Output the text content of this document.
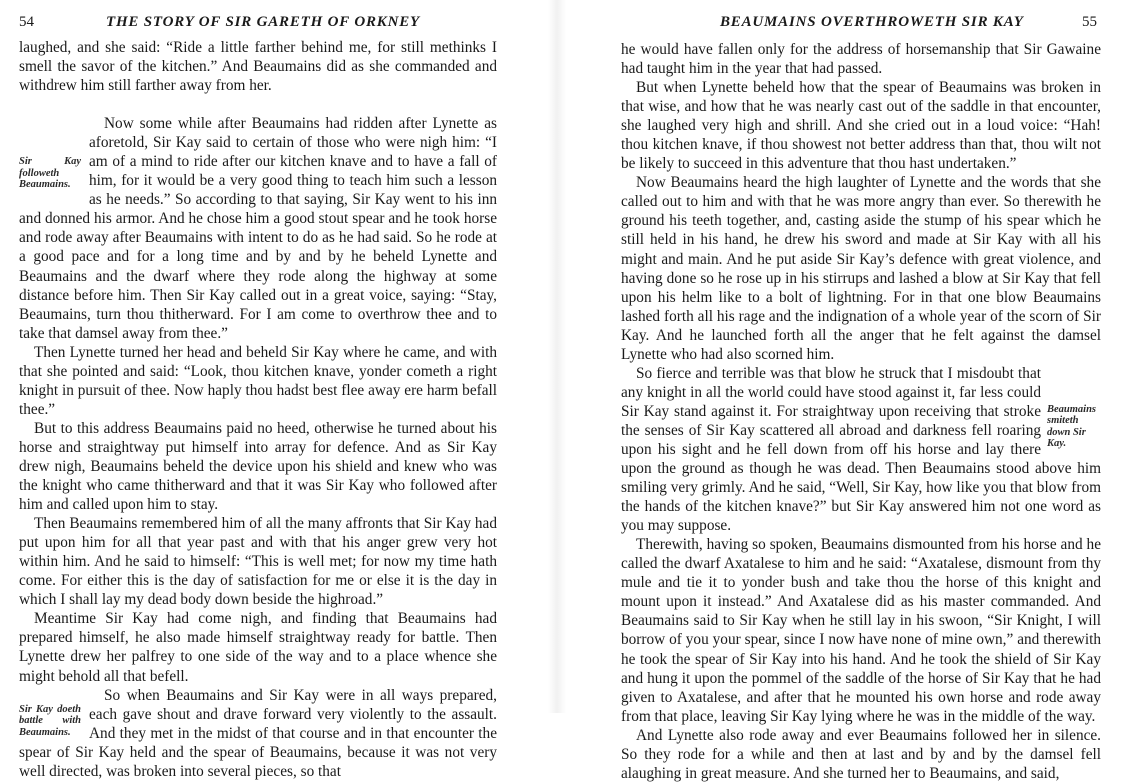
54	THE STORY OF SIR GARETH OF ORKNEY

laughed, and she said: “Ride a little farther behind me, for still methinks I smell the savor of the kitchen.” And Beaumains did as she commanded and withdrew him still farther away from her.

Sir Kay followeth Beaumains.
Now some while after Beaumains had ridden after Lynette as aforetold, Sir Kay said to certain of those who were nigh him: “I am of a mind to ride after our kitchen knave and to have a fall of him, for it would be a very good thing to teach him such a lesson as he needs.” So according to that saying, Sir Kay went to his inn and donned his armor. And he chose him a good stout spear and he took horse and rode away after Beaumains with intent to do as he had said. So he rode at a good pace and for a long time and by and by he beheld Lynette and Beaumains and the dwarf where they rode along the highway at some distance before him. Then Sir Kay called out in a great voice, saying: “Stay, Beaumains, turn thou thitherward. For I am come to overthrow thee and to take that damsel away from thee.”

Then Lynette turned her head and beheld Sir Kay where he came, and with that she pointed and said: “Look, thou kitchen knave, yonder cometh a right knight in pursuit of thee. Now haply thou hadst best flee away ere harm befall thee.”

But to this address Beaumains paid no heed, otherwise he turned about his horse and straightway put himself into array for defence. And as Sir Kay drew nigh, Beaumains beheld the device upon his shield and knew who was the knight who came thitherward and that it was Sir Kay who followed after him and called upon him to stay.

Then Beaumains remembered him of all the many affronts that Sir Kay had put upon him for all that year past and with that his anger grew very hot within him. And he said to himself: “This is well met; for now my time hath come. For either this is the day of satisfaction for me or else it is the day in which I shall lay my dead body down beside the highroad.”

Meantime Sir Kay had come nigh, and finding that Beaumains had prepared himself, he also made himself straightway ready for battle. Then Lynette drew her palfrey to one side of the way and to a place whence she might behold all that befell.

Sir Kay doeth battle with Beaumains.
So when Beaumains and Sir Kay were in all ways prepared, each gave shout and drave forward very violently to the assault. And they met in the midst of that course and in that encounter the spear of Sir Kay held and the spear of Beaumains, because it was not very well directed, was broken into several pieces, so that

BEAUMAINS OVERTHROWETH SIR KAY	55

he would have fallen only for the address of horsemanship that Sir Gawaine had taught him in the year that had passed.

But when Lynette beheld how that the spear of Beaumains was broken in that wise, and how that he was nearly cast out of the saddle in that encounter, she laughed very high and shrill. And she cried out in a loud voice: “Hah! thou kitchen knave, if thou showest not better address than that, thou wilt not be likely to succeed in this adventure that thou hast undertaken.”

Now Beaumains heard the high laughter of Lynette and the words that she called out to him and with that he was more angry than ever. So therewith he ground his teeth together, and, casting aside the stump of his spear which he still held in his hand, he drew his sword and made at Sir Kay with all his might and main. And he put aside Sir Kay’s defence with great violence, and having done so he rose up in his stirrups and lashed a blow at Sir Kay that fell upon his helm like to a bolt of lightning. For in that one blow Beaumains lashed forth all his rage and the indignation of a whole year of the scorn of Sir Kay. And he launched forth all the anger that he felt against the damsel Lynette who had also scorned him.

Beaumains smiteth down Sir Kay.
So fierce and terrible was that blow he struck that I misdoubt that any knight in all the world could have stood against it, far less could Sir Kay stand against it. For straightway upon receiving that stroke the senses of Sir Kay scattered all abroad and darkness fell roaring upon his sight and he fell down from off his horse and lay there upon the ground as though he was dead. Then Beaumains stood above him smiling very grimly. And he said, “Well, Sir Kay, how like you that blow from the hands of the kitchen knave?” but Sir Kay answered him not one word as you may suppose.

Therewith, having so spoken, Beaumains dismounted from his horse and he called the dwarf Axatalese to him and he said: “Axatalese, dismount from thy mule and tie it to yonder bush and take thou the horse of this knight and mount upon it instead.” And Axatalese did as his master commanded. And Beaumains said to Sir Kay when he still lay in his swoon, “Sir Knight, I will borrow of you your spear, since I now have none of mine own,” and therewith he took the spear of Sir Kay into his hand. And he took the shield of Sir Kay and hung it upon the pommel of the saddle of the horse of Sir Kay that he had given to Axatalese, and after that he mounted his own horse and rode away from that place, leaving Sir Kay lying where he was in the middle of the way.

And Lynette also rode away and ever Beaumains followed her in silence. So they rode for a while and then at last and by and by the damsel fell alaughing in great measure. And she turned her to Beaumains, and said,
